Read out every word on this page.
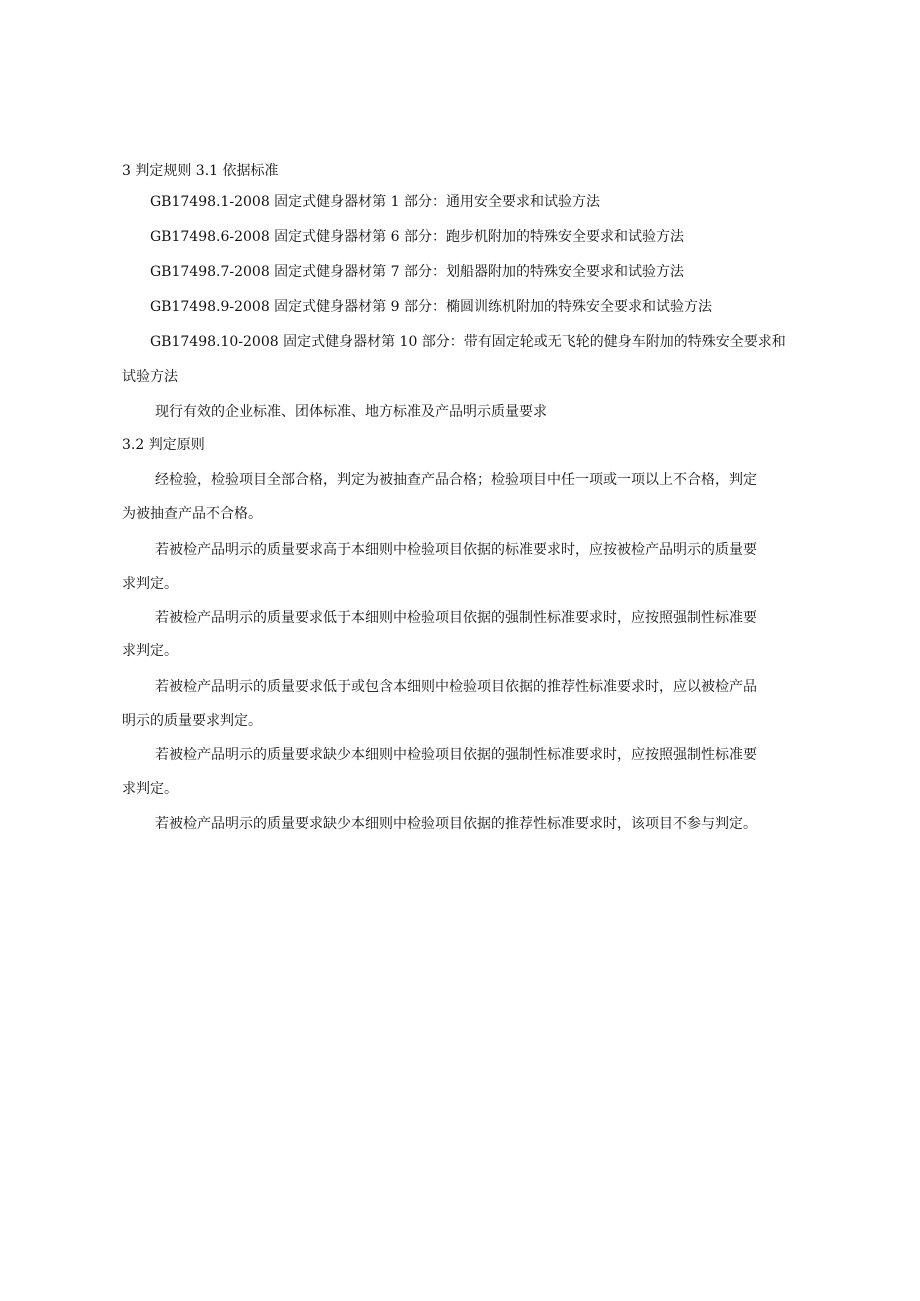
3 判定规则 3.1 依据标准
GB17498.1-2008 固定式健身器材第 1 部分：通用安全要求和试验方法
GB17498.6-2008 固定式健身器材第 6 部分：跑步机附加的特殊安全要求和试验方法
GB17498.7-2008 固定式健身器材第 7 部分：划船器附加的特殊安全要求和试验方法
GB17498.9-2008 固定式健身器材第 9 部分：椭圆训练机附加的特殊安全要求和试验方法
GB17498.10-2008 固定式健身器材第 10 部分：带有固定轮或无飞轮的健身车附加的特殊安全要求和
试验方法
现行有效的企业标准、团体标准、地方标准及产品明示质量要求
3.2 判定原则
经检验，检验项目全部合格，判定为被抽查产品合格；检验项目中任一项或一项以上不合格，判定
为被抽查产品不合格。
若被检产品明示的质量要求高于本细则中检验项目依据的标准要求时，应按被检产品明示的质量要
求判定。
若被检产品明示的质量要求低于本细则中检验项目依据的强制性标准要求时，应按照强制性标准要
求判定。
若被检产品明示的质量要求低于或包含本细则中检验项目依据的推荐性标准要求时，应以被检产品
明示的质量要求判定。
若被检产品明示的质量要求缺少本细则中检验项目依据的强制性标准要求时，应按照强制性标准要
求判定。
若被检产品明示的质量要求缺少本细则中检验项目依据的推荐性标准要求时，该项目不参与判定。
